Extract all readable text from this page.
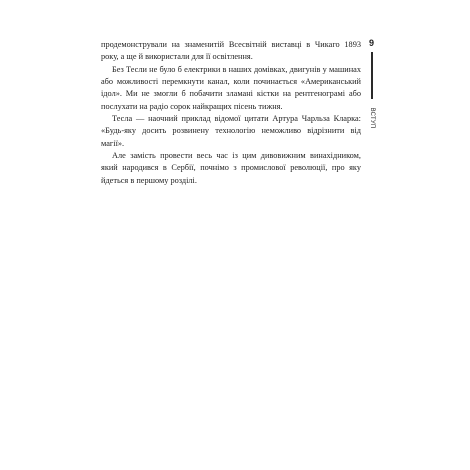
продемонстрували на знаменитій Всесвітній виставці в Чикаго 1893 року, а ще й використали для її освітлення.

Без Тесли не було б електрики в наших домівках, двигунів у машинах або можливості перемкнути канал, коли починається «Американський ідол». Ми не змогли б побачити зламані кістки на рентгенограмі або послухати на радіо сорок найкращих пісень тижня.

Тесла — наочний приклад відомої цитати Артура Чарльза Кларка: «Будь-яку досить розвинену технологію неможливо відрізнити від магії».

Але замість провести весь час із цим дивовижним винахідником, який народився в Сербії, почнімо з промислової революції, про яку йдеться в першому розділі.

9
ВСТУП
